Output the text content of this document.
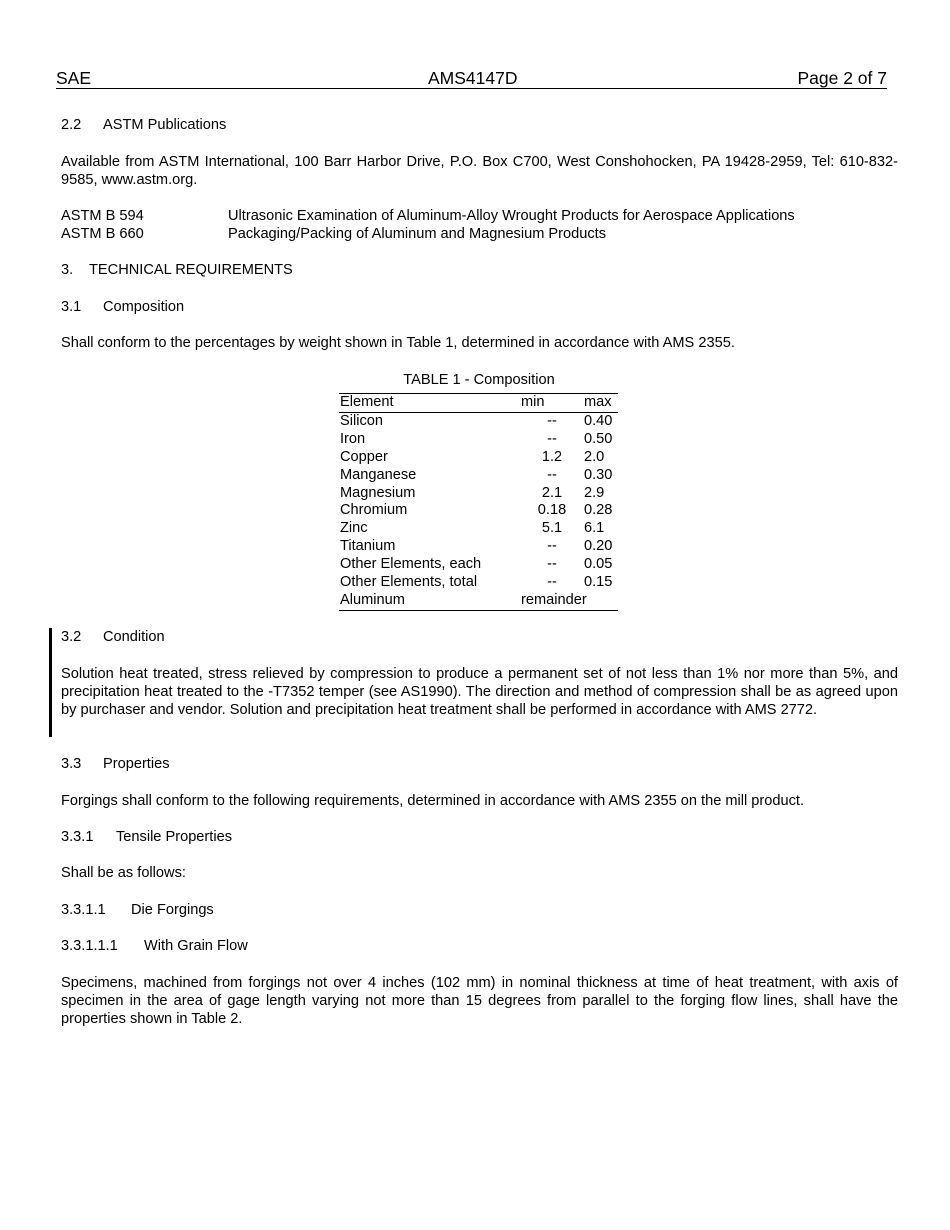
SAE	AMS4147D	Page 2 of 7
2.2 ASTM Publications
Available from ASTM International, 100 Barr Harbor Drive, P.O. Box C700, West Conshohocken, PA 19428-2959, Tel: 610-832-9585, www.astm.org.
ASTM B 594	Ultrasonic Examination of Aluminum-Alloy Wrought Products for Aerospace Applications
ASTM B 660	Packaging/Packing of Aluminum and Magnesium Products
3. TECHNICAL REQUIREMENTS
3.1 Composition
Shall conform to the percentages by weight shown in Table 1, determined in accordance with AMS 2355.
TABLE 1 - Composition
Element	min	max
Silicon	--	0.40
Iron	--	0.50
Copper	1.2	2.0
Manganese	--	0.30
Magnesium	2.1	2.9
Chromium	0.18	0.28
Zinc	5.1	6.1
Titanium	--	0.20
Other Elements, each	--	0.05
Other Elements, total	--	0.15
Aluminum	remainder	
3.2 Condition
Solution heat treated, stress relieved by compression to produce a permanent set of not less than 1% nor more than 5%, and precipitation heat treated to the -T7352 temper (see AS1990). The direction and method of compression shall be as agreed upon by purchaser and vendor. Solution and precipitation heat treatment shall be performed in accordance with AMS 2772.
3.3 Properties
Forgings shall conform to the following requirements, determined in accordance with AMS 2355 on the mill product.
3.3.1 Tensile Properties
Shall be as follows:
3.3.1.1 Die Forgings
3.3.1.1.1 With Grain Flow
Specimens, machined from forgings not over 4 inches (102 mm) in nominal thickness at time of heat treatment, with axis of specimen in the area of gage length varying not more than 15 degrees from parallel to the forging flow lines, shall have the properties shown in Table 2.
